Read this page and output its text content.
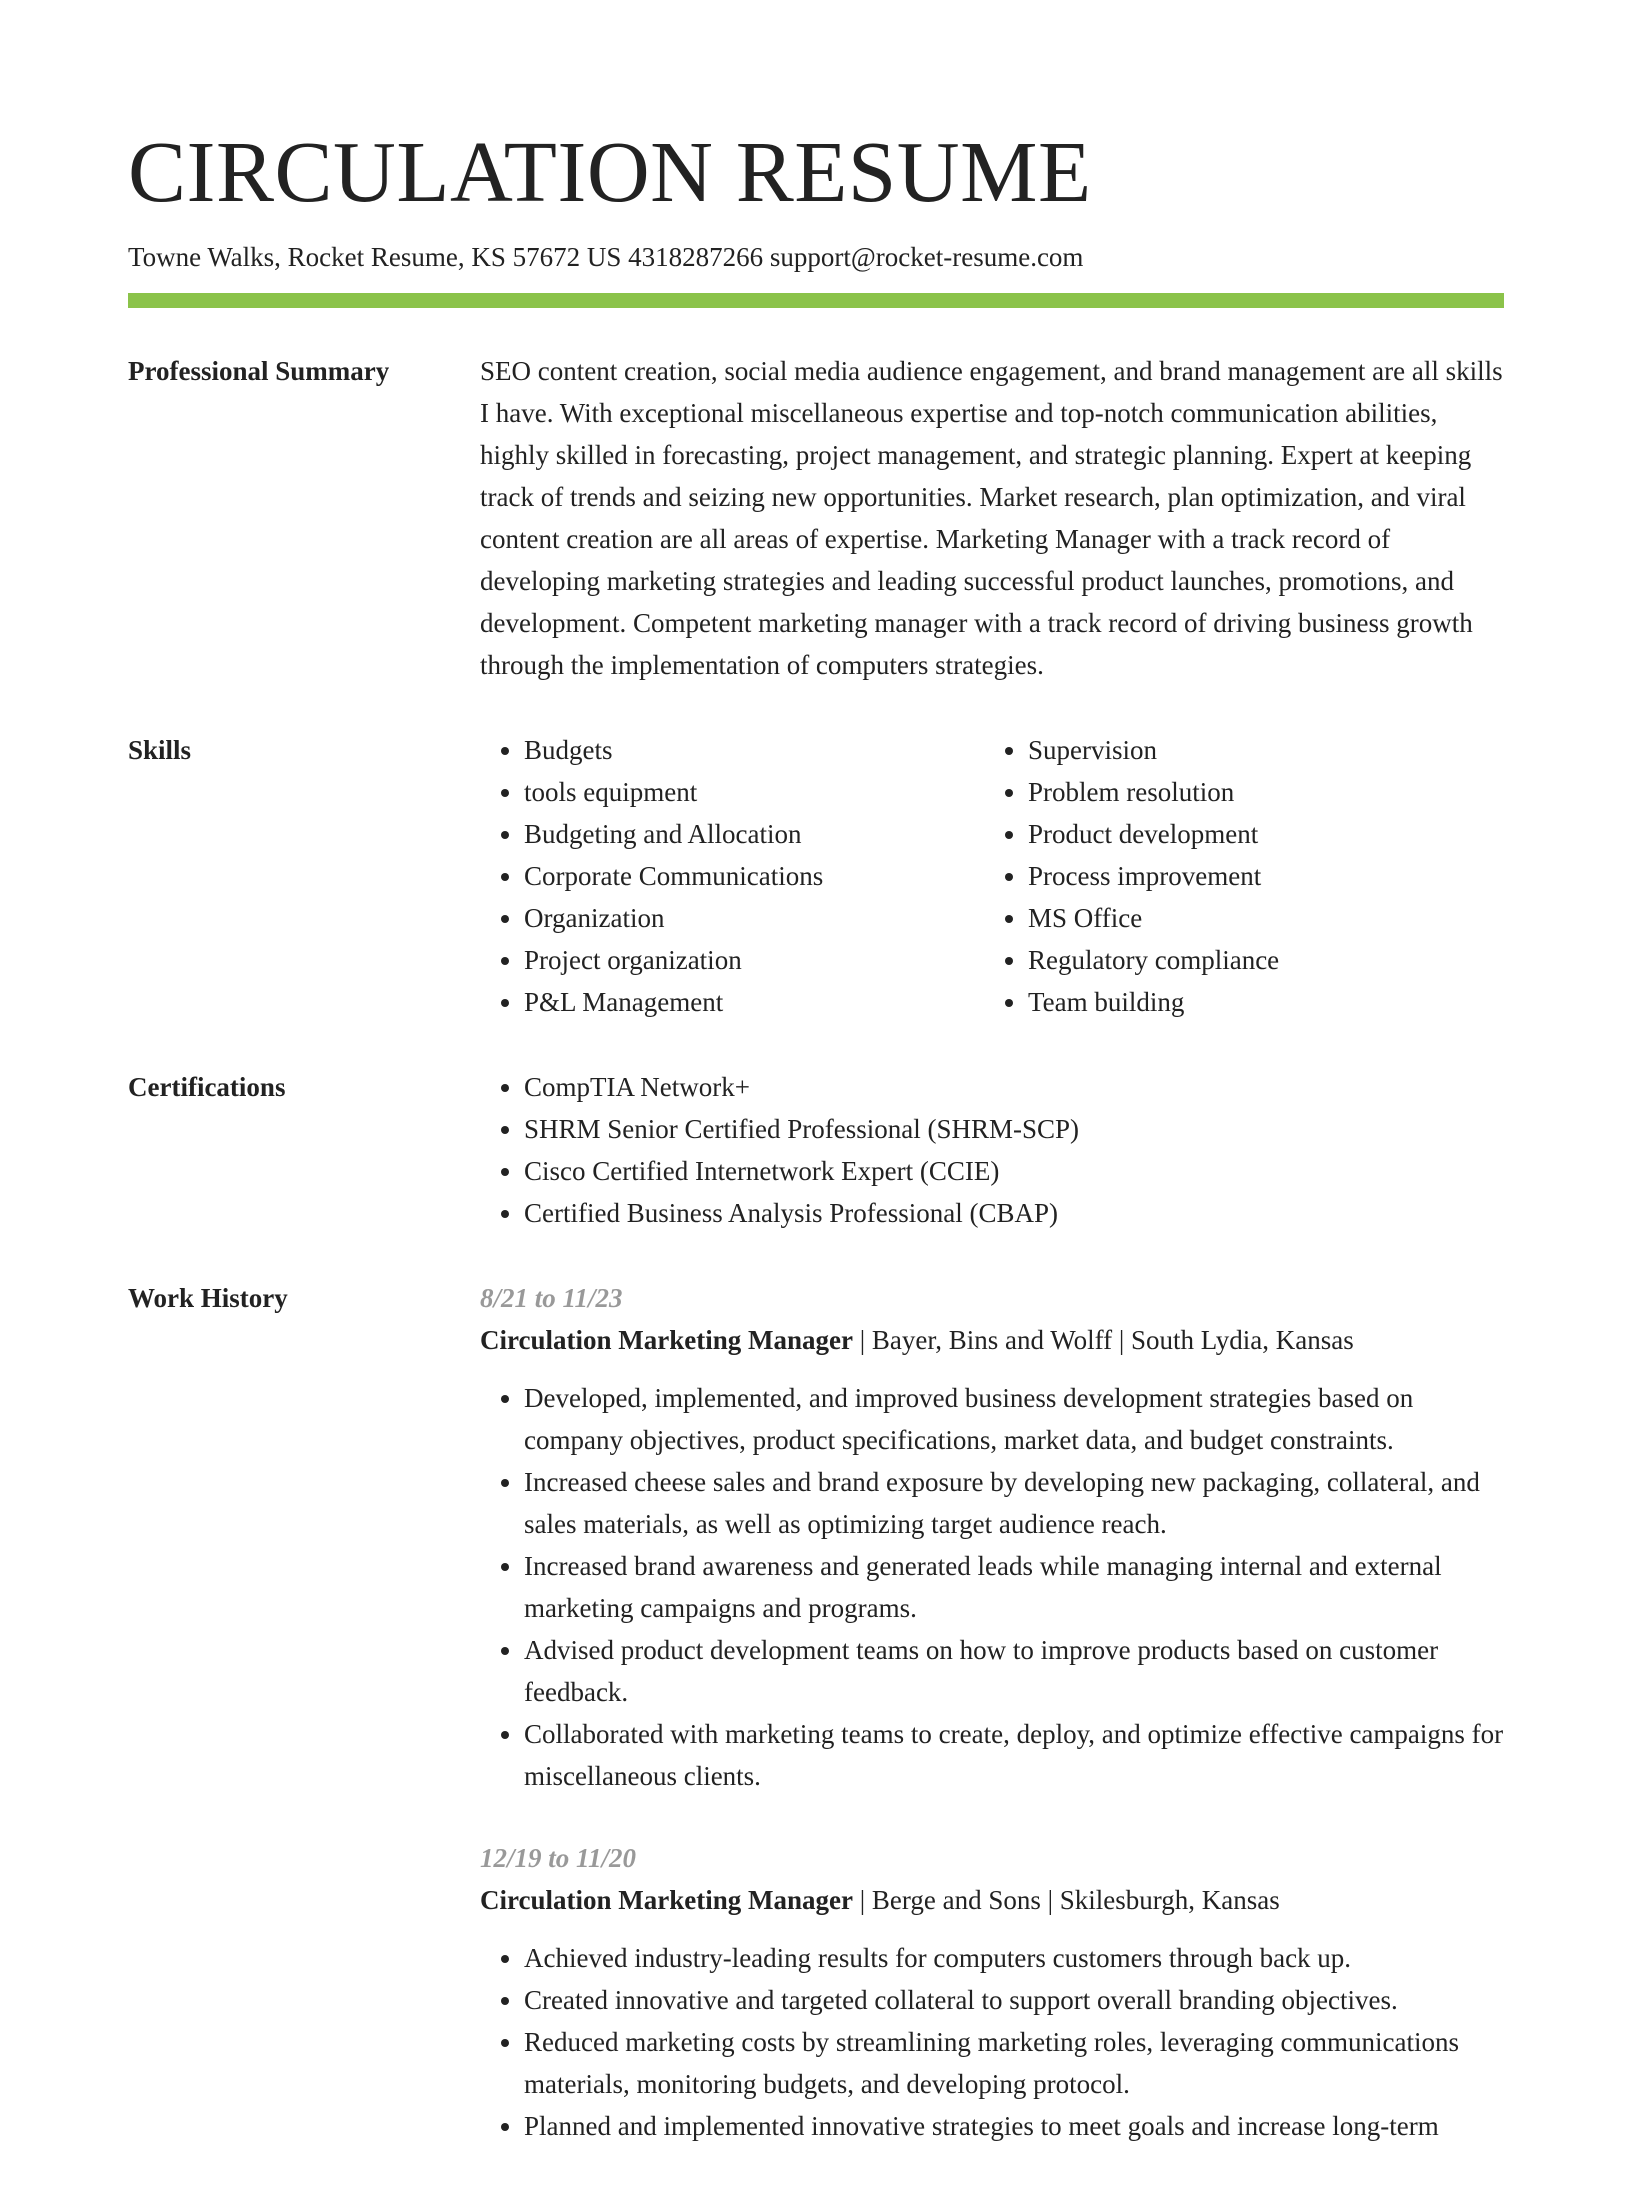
CIRCULATION RESUME
Towne Walks, Rocket Resume, KS 57672 US 4318287266 support@rocket-resume.com
Professional Summary	SEO content creation, social media audience engagement, and brand management are all skills I have. With exceptional miscellaneous expertise and top-notch communication abilities, highly skilled in forecasting, project management, and strategic planning. Expert at keeping track of trends and seizing new opportunities. Market research, plan optimization, and viral content creation are all areas of expertise. Marketing Manager with a track record of developing marketing strategies and leading successful product launches, promotions, and development. Competent marketing manager with a track record of driving business growth through the implementation of computers strategies.

Skills	• Budgets
• tools equipment
• Budgeting and Allocation
• Corporate Communications
• Organization
• Project organization
• P&L Management
• Supervision
• Problem resolution
• Product development
• Process improvement
• MS Office
• Regulatory compliance
• Team building
Certifications	• CompTIA Network+
• SHRM Senior Certified Professional (SHRM-SCP)
• Cisco Certified Internetwork Expert (CCIE)
• Certified Business Analysis Professional (CBAP)
Work History	8/21 to 11/23
Circulation Marketing Manager | Bayer, Bins and Wolff | South Lydia, Kansas
• Developed, implemented, and improved business development strategies based on company objectives, product specifications, market data, and budget constraints.
• Increased cheese sales and brand exposure by developing new packaging, collateral, and sales materials, as well as optimizing target audience reach.
• Increased brand awareness and generated leads while managing internal and external marketing campaigns and programs.
• Advised product development teams on how to improve products based on customer feedback.
• Collaborated with marketing teams to create, deploy, and optimize effective campaigns for miscellaneous clients.
12/19 to 11/20
Circulation Marketing Manager | Berge and Sons | Skilesburgh, Kansas
• Achieved industry-leading results for computers customers through back up.
• Created innovative and targeted collateral to support overall branding objectives.
• Reduced marketing costs by streamlining marketing roles, leveraging communications materials, monitoring budgets, and developing protocol.
• Planned and implemented innovative strategies to meet goals and increase long-term
